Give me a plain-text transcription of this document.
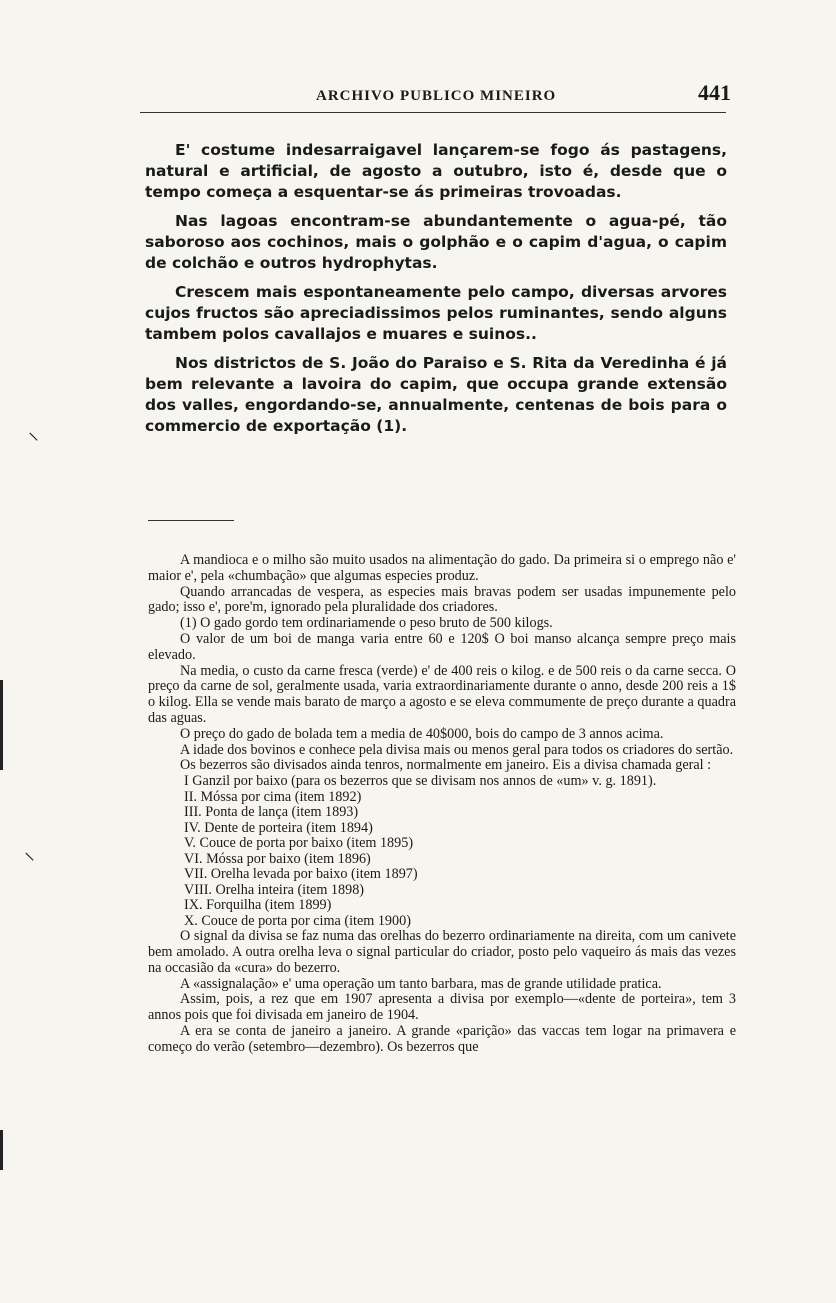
ARCHIVO PUBLICO MINEIRO	441

E' costume indesarraigavel lançarem-se fogo ás pastagens, natural e artificial, de agosto a outubro, isto é, desde que o tempo começa a esquentar-se ás primeiras trovoadas.

Nas lagoas encontram-se abundantemente o agua-pé, tão saboroso aos cochinos, mais o golphão e o capim d'agua, o capim de colchão e outros hydrophytas.

Crescem mais espontaneamente pelo campo, diversas arvores cujos fructos são apreciadissimos pelos ruminantes, sendo alguns tambem polos cavallaјos e muares e suinos..

Nos districtos de S. João do Paraiso e S. Rita da Veredinha é já bem relevante a lavoira do capim, que occupa grande extensão dos valles, engordando-se, annualmente, centenas de bois para o commercio de exportação (1).

A mandioca e o milho são muito usados na alimentação do gado. Da primeira si o emprego não e' maior e', pela «chumbação» que algumas especies produz.

Quando arrancadas de vespera, as especies mais bravas podem ser usadas impunemente pelo gado; isso e', pore'm, ignorado pela pluralidade dos criadores.

(1) O gado gordo tem ordinariamende o peso bruto de 500 kilogs.

O valor de um boi de manga varia entre 60 e 120$ O boi manso alcança sempre preço mais elevado.

Na media, o custo da carne fresca (verde) e' de 400 reis o kilog. e de 500 reis o da carne secca. O preço da carne de sol, geralmente usada, varia extraordinariamente durante o anno, desde 200 reis a 1$ o kilog. Ella se vende mais barato de março a agosto e se eleva commumente de preço durante a quadra das aguas.

O preço do gado de bolada tem a media de 40$000, bois do campo de 3 annos acima.

A idade dos bovinos e conhece pela divisa mais ou menos geral para todos os criadores do sertão.

Os bezerros são divisados ainda tenros, normalmente em janeiro. Eis a divisa chamada geral :

I Ganzil por baixo (para os bezerros que se divisam nos annos de «um» v. g. 1891).
II. Móssa por cima (item 1892)
III. Ponta de lança (item 1893)
IV. Dente de porteira (item 1894)
V. Couce de porta por baixo (item 1895)
VI. Móssa por baixo (item 1896)
VII. Orelha levada por baixo (item 1897)
VIII. Orelha inteira (item 1898)
IX. Forquilha (item 1899)
X. Couce de porta por cima (item 1900)

O signal da divisa se faz numa das orelhas do bezerro ordinariamente na direita, com um canivete bem amolado. A outra orelha leva o signal particular do criador, posto pelo vaqueiro ás mais das vezes na occasião da «cura» do bezerro.

A «assignalação» e' uma operação um tanto barbara, mas de grande utilidade pratica.

Assim, pois, a rez que em 1907 apresenta a divisa por exemplo—«dente de porteira», tem 3 annos pois que foi divisada em janeiro de 1904.

A era se conta de janeiro a janeiro. A grande «parição» das vaccas tem logar na primavera e começo do verão (setembro—dezembro). Os bezerros que

⸜
⸜
